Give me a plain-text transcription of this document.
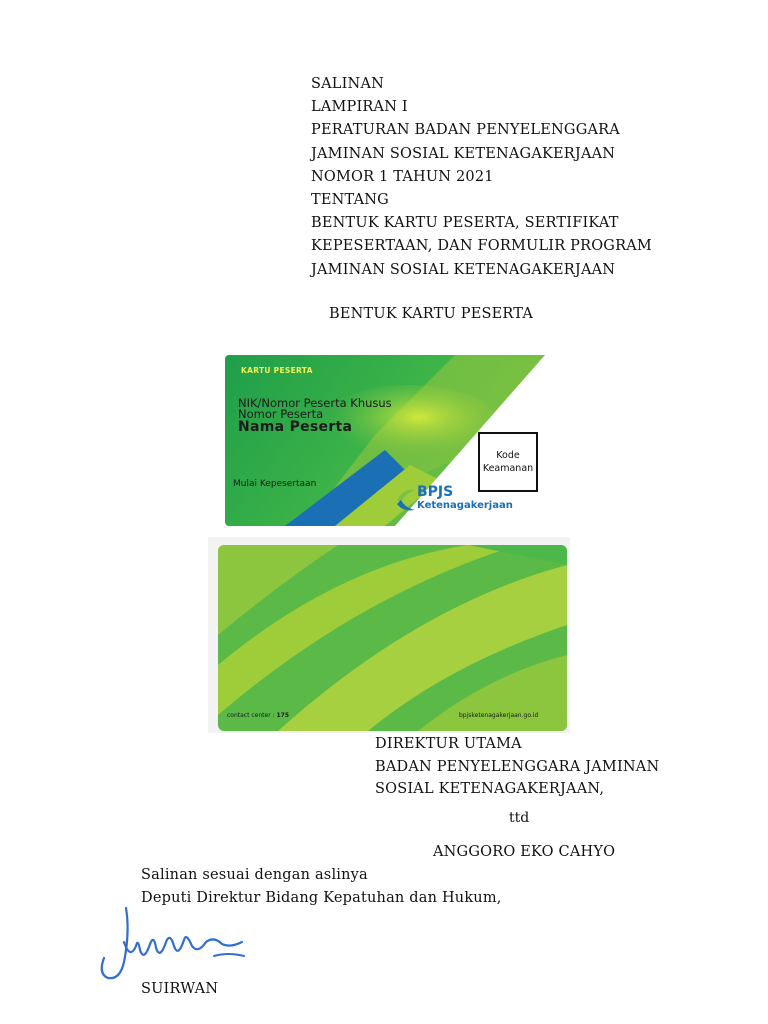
SALINAN
LAMPIRAN I
PERATURAN BADAN PENYELENGGARA
JAMINAN SOSIAL KETENAGAKERJAAN
NOMOR 1 TAHUN 2021
TENTANG
BENTUK KARTU PESERTA, SERTIFIKAT
KEPESERTAAN, DAN FORMULIR PROGRAM
JAMINAN SOSIAL KETENAGAKERJAAN
BENTUK KARTU PESERTA
KARTU PESERTA
NIK/Nomor Peserta Khusus
Nomor Peserta
Nama Peserta
Mulai Kepesertaan
Kode
Keamanan
BPJS
Ketenagakerjaan
contact center : 175	bpjsketenagakerjaan.go.id
DIREKTUR UTAMA
BADAN PENYELENGGARA JAMINAN
SOSIAL KETENAGAKERJAAN,
ttd
ANGGORO EKO CAHYO
Salinan sesuai dengan aslinya
Deputi Direktur Bidang Kepatuhan dan Hukum,
SUIRWAN
